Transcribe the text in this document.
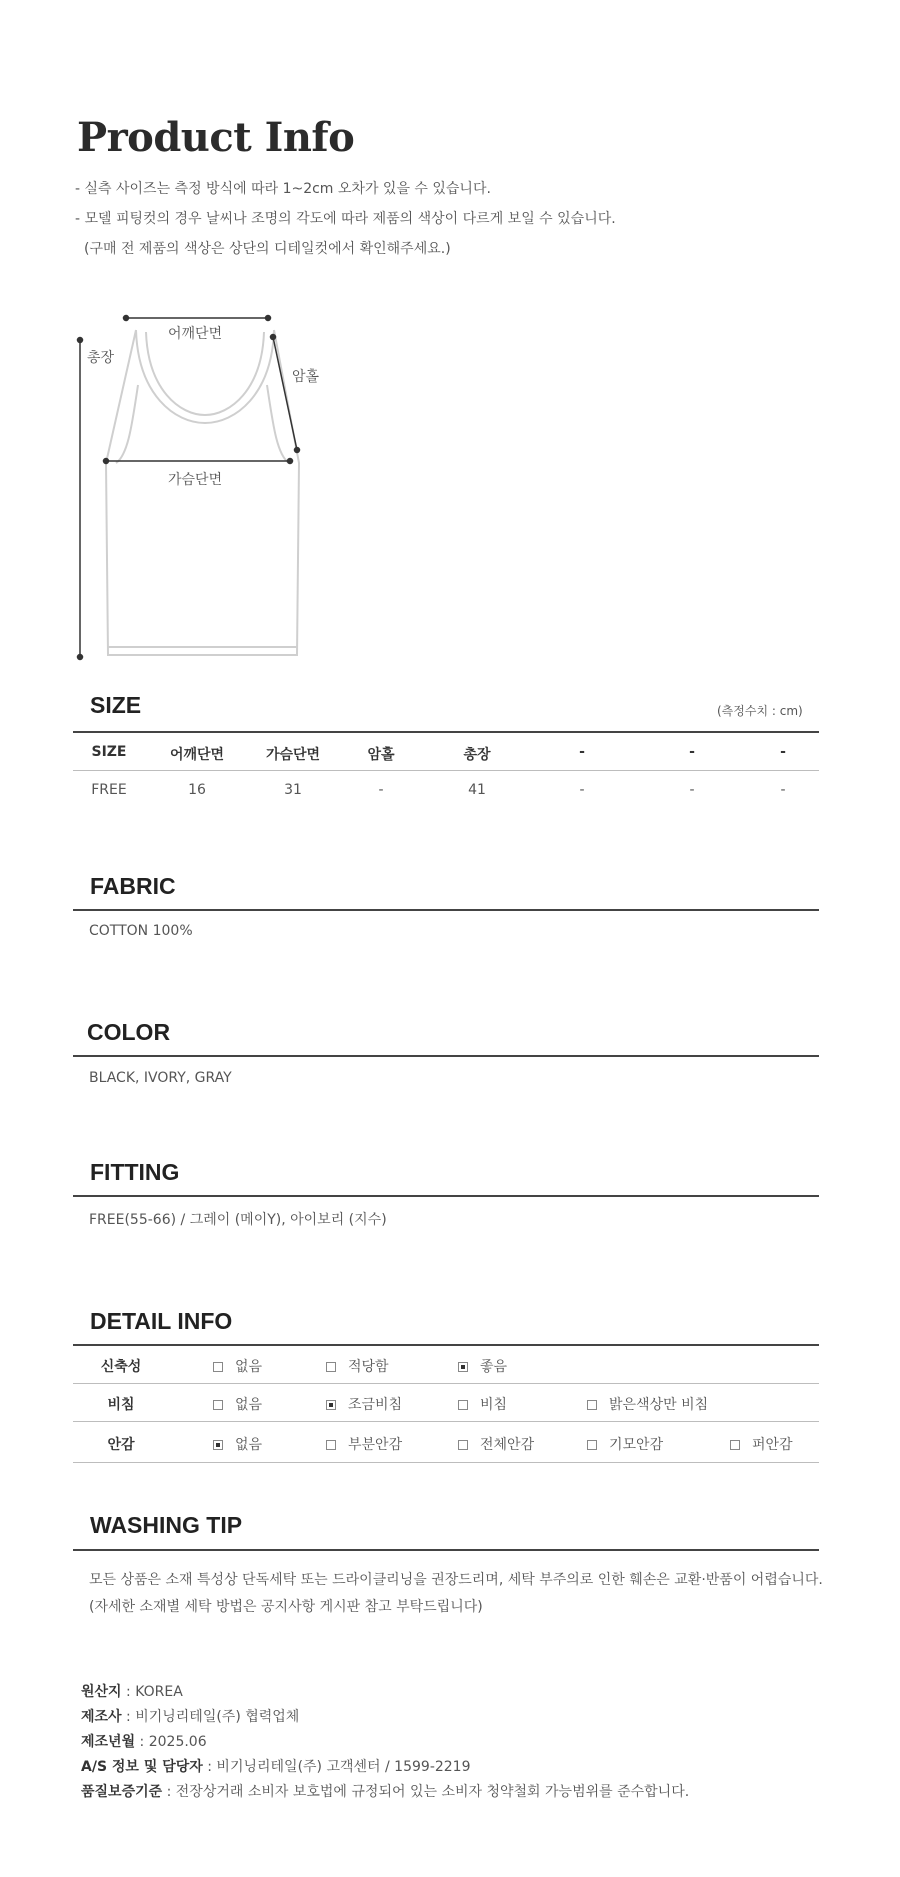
Product Info
- 실측 사이즈는 측정 방식에 따라 1~2cm 오차가 있을 수 있습니다.
- 모델 피팅컷의 경우 날씨나 조명의 각도에 따라 제품의 색상이 다르게 보일 수 있습니다.
(구매 전 제품의 색상은 상단의 디테일컷에서 확인해주세요.)
어깨단면
총장
암홀
가슴단면
SIZE	(측정수치 : cm)
SIZE	어깨단면	가슴단면	암홀	총장	-	-	-
FREE	16	31	-	41	-	-	-
FABRIC
COTTON 100%
COLOR
BLACK, IVORY, GRAY
FITTING
FREE(55-66) / 그레이 (메이Y), 아이보리 (지수)
DETAIL INFO
신축성	없음	적당함	좋음
비침	없음	조금비침	비침	밝은색상만 비침
안감	없음	부분안감	전체안감	기모안감	퍼안감
WASHING TIP
모든 상품은 소재 특성상 단독세탁 또는 드라이클리닝을 권장드리며, 세탁 부주의로 인한 훼손은 교환·반품이 어렵습니다.
(자세한 소재별 세탁 방법은 공지사항 게시판 참고 부탁드립니다)
원산지 : KOREA
제조사 : 비기닝리테일(주) 협력업체
제조년월 : 2025.06
A/S 정보 및 담당자 : 비기닝리테일(주) 고객센터 / 1599-2219
품질보증기준 : 전장상거래 소비자 보호법에 규정되어 있는 소비자 청약철회 가능범위를 준수합니다.
